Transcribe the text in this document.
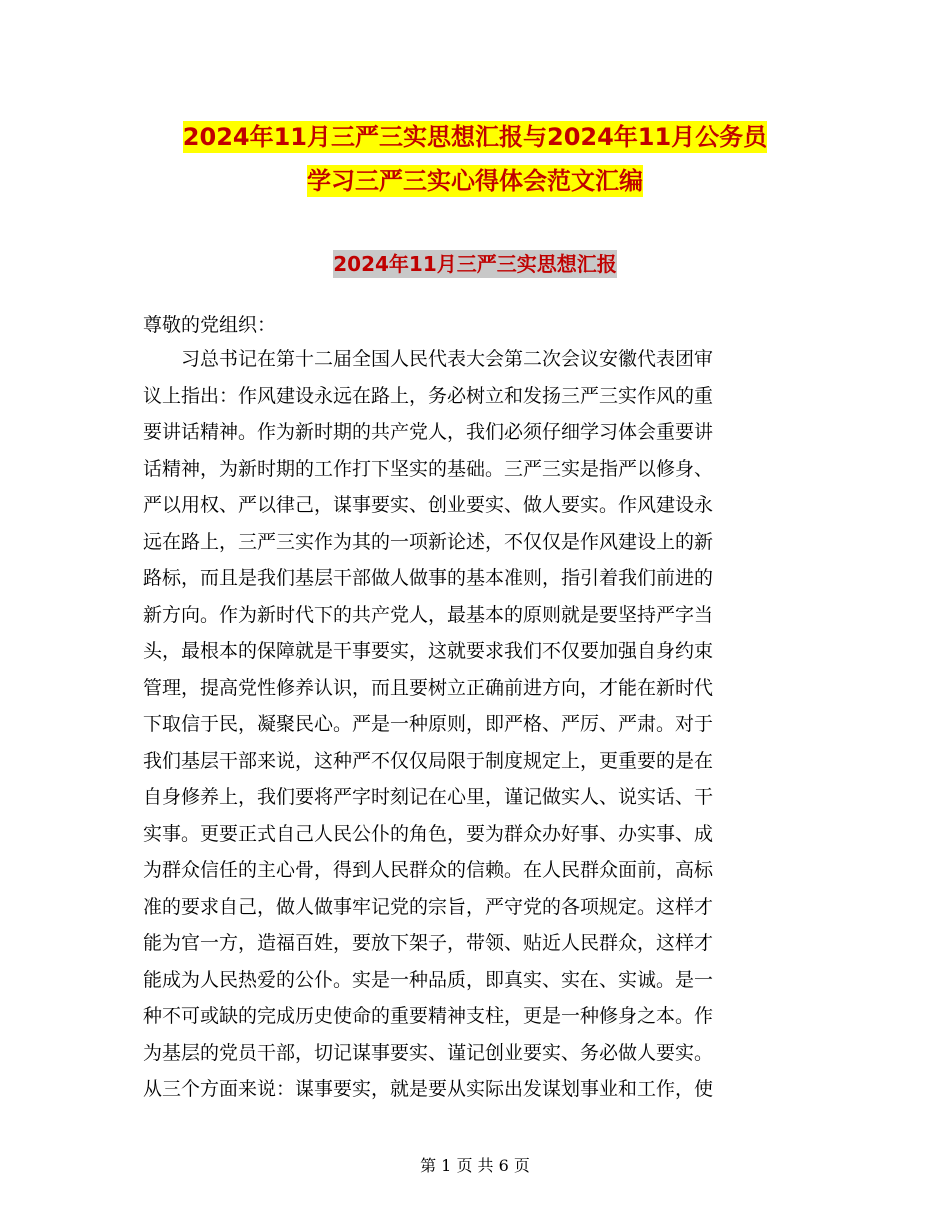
2024年11月三严三实思想汇报与2024年11月公务员
学习三严三实心得体会范文汇编
2024年11月三严三实思想汇报
尊敬的党组织：
　　习总书记在第十二届全国人民代表大会第二次会议安徽代表团审
议上指出：作风建设永远在路上，务必树立和发扬三严三实作风的重
要讲话精神。作为新时期的共产党人，我们必须仔细学习体会重要讲
话精神，为新时期的工作打下坚实的基础。三严三实是指严以修身、
严以用权、严以律己，谋事要实、创业要实、做人要实。作风建设永
远在路上，三严三实作为其的一项新论述，不仅仅是作风建设上的新
路标，而且是我们基层干部做人做事的基本准则，指引着我们前进的
新方向。作为新时代下的共产党人，最基本的原则就是要坚持严字当
头，最根本的保障就是干事要实，这就要求我们不仅要加强自身约束
管理，提高党性修养认识，而且要树立正确前进方向，才能在新时代
下取信于民，凝聚民心。严是一种原则，即严格、严厉、严肃。对于
我们基层干部来说，这种严不仅仅局限于制度规定上，更重要的是在
自身修养上，我们要将严字时刻记在心里，谨记做实人、说实话、干
实事。更要正式自己人民公仆的角色，要为群众办好事、办实事、成
为群众信任的主心骨，得到人民群众的信赖。在人民群众面前，高标
准的要求自己，做人做事牢记党的宗旨，严守党的各项规定。这样才
能为官一方，造福百姓，要放下架子，带领、贴近人民群众，这样才
能成为人民热爱的公仆。实是一种品质，即真实、实在、实诚。是一
种不可或缺的完成历史使命的重要精神支柱，更是一种修身之本。作
为基层的党员干部，切记谋事要实、谨记创业要实、务必做人要实。
从三个方面来说：谋事要实，就是要从实际出发谋划事业和工作，使
第 1 页 共 6 页
